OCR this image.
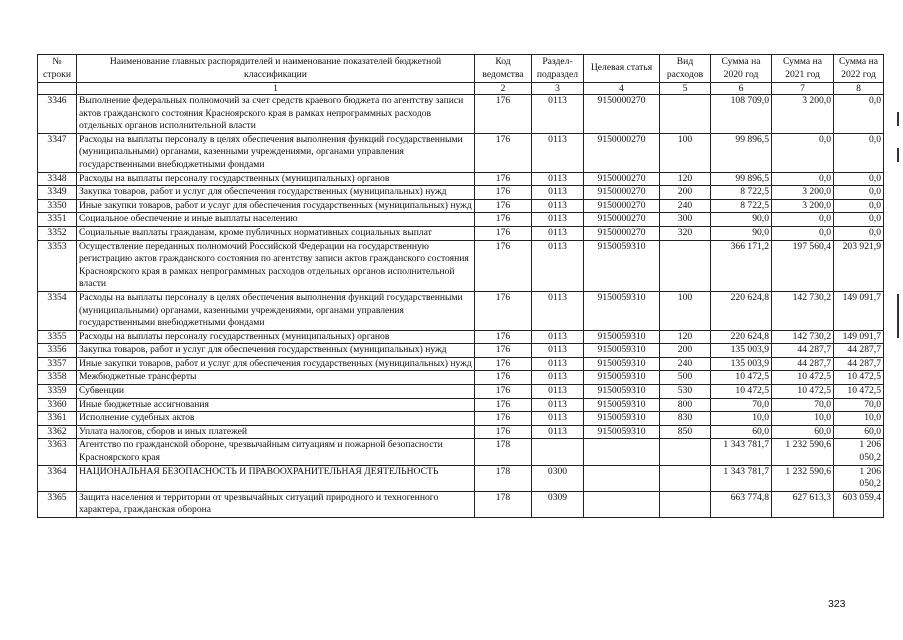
№ строки	Наименование главных распорядителей и наименование показателей бюджетной классификации	Код ведомства	Раздел- подраздел	Целевая статья	Вид расходов	Сумма на 2020 год	Сумма на 2021 год	Сумма на 2022 год
	1	2	3	4	5	6	7	8
3346	Выполнение федеральных полномочий за счет средств краевого бюджета по агентству записи актов гражданского состояния Красноярского края в рамках непрограммных расходов отдельных органов исполнительной власти	176	0113	9150000270		108 709,0	3 200,0	0,0
3347	Расходы на выплаты персоналу в целях обеспечения выполнения функций государственными (муниципальными) органами, казенными учреждениями, органами управления государственными внебюджетными фондами	176	0113	9150000270	100	99 896,5	0,0	0,0
3348	Расходы на выплаты персоналу государственных (муниципальных) органов	176	0113	9150000270	120	99 896,5	0,0	0,0
3349	Закупка товаров, работ и услуг для обеспечения государственных (муниципальных) нужд	176	0113	9150000270	200	8 722,5	3 200,0	0,0
3350	Иные закупки товаров, работ и услуг для обеспечения государственных (муниципальных) нужд	176	0113	9150000270	240	8 722,5	3 200,0	0,0
3351	Социальное обеспечение и иные выплаты населению	176	0113	9150000270	300	90,0	0,0	0,0
3352	Социальные выплаты гражданам, кроме публичных нормативных социальных выплат	176	0113	9150000270	320	90,0	0,0	0,0
3353	Осуществление переданных полномочий Российской Федерации на государственную регистрацию актов гражданского состояния по агентству записи актов гражданского состояния Красноярского края в рамках непрограммных расходов отдельных органов исполнительной власти	176	0113	9150059310		366 171,2	197 560,4	203 921,9
3354	Расходы на выплаты персоналу в целях обеспечения выполнения функций государственными (муниципальными) органами, казенными учреждениями, органами управления государственными внебюджетными фондами	176	0113	9150059310	100	220 624,8	142 730,2	149 091,7
3355	Расходы на выплаты персоналу государственных (муниципальных) органов	176	0113	9150059310	120	220 624,8	142 730,2	149 091,7
3356	Закупка товаров, работ и услуг для обеспечения государственных (муниципальных) нужд	176	0113	9150059310	200	135 003,9	44 287,7	44 287,7
3357	Иные закупки товаров, работ и услуг для обеспечения государственных (муниципальных) нужд	176	0113	9150059310	240	135 003,9	44 287,7	44 287,7
3358	Межбюджетные трансферты	176	0113	9150059310	500	10 472,5	10 472,5	10 472,5
3359	Субвенции	176	0113	9150059310	530	10 472,5	10 472,5	10 472,5
3360	Иные бюджетные ассигнования	176	0113	9150059310	800	70,0	70,0	70,0
3361	Исполнение судебных актов	176	0113	9150059310	830	10,0	10,0	10,0
3362	Уплата налогов, сборов и иных платежей	176	0113	9150059310	850	60,0	60,0	60,0
3363	Агентство по гражданской обороне, чрезвычайным ситуациям и пожарной безопасности Красноярского края	178				1 343 781,7	1 232 590,6	1 206 050,2
3364	НАЦИОНАЛЬНАЯ БЕЗОПАСНОСТЬ И ПРАВООХРАНИТЕЛЬНАЯ ДЕЯТЕЛЬНОСТЬ	178	0300			1 343 781,7	1 232 590,6	1 206 050,2
3365	Защита населения и территории от чрезвычайных ситуаций природного и техногенного характера, гражданская оборона	178	0309			663 774,8	627 613,3	603 059,4
323
